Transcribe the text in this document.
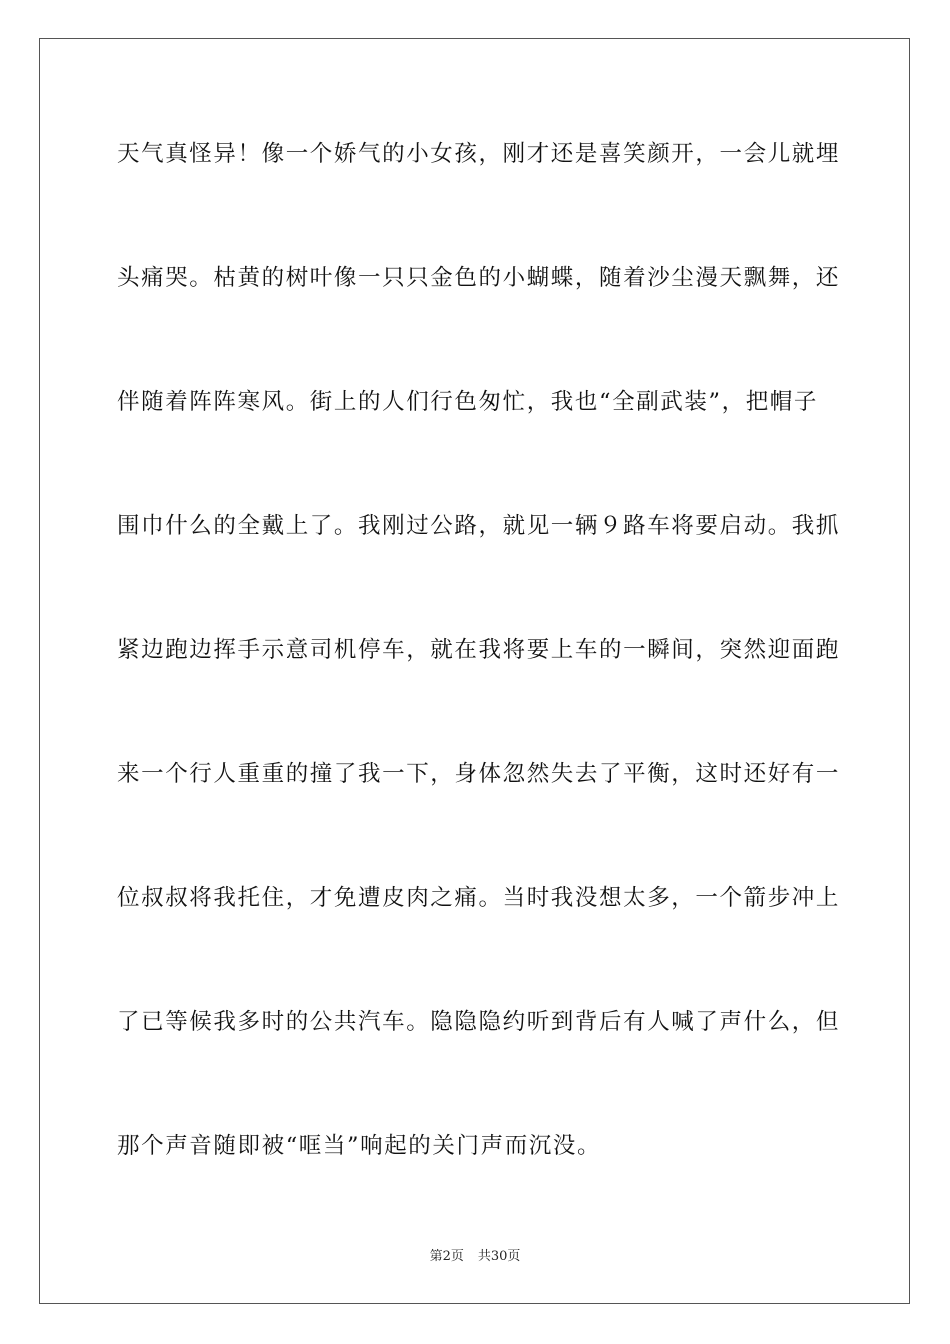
天气真怪异！像一个娇气的小女孩，刚才还是喜笑颜开，一会儿就埋
头痛哭。枯黄的树叶像一只只金色的小蝴蝶，随着沙尘漫天飘舞，还
伴随着阵阵寒风。街上的人们行色匆忙，我也“全副武装”，把帽子
围巾什么的全戴上了。我刚过公路，就见一辆９路车将要启动。我抓
紧边跑边挥手示意司机停车，就在我将要上车的一瞬间，突然迎面跑
来一个行人重重的撞了我一下，身体忽然失去了平衡，这时还好有一
位叔叔将我托住，才免遭皮肉之痛。当时我没想太多，一个箭步冲上
了已等候我多时的公共汽车。隐隐隐约听到背后有人喊了声什么，但
那个声音随即被“哐当”响起的关门声而沉没。
第2页 共30页
